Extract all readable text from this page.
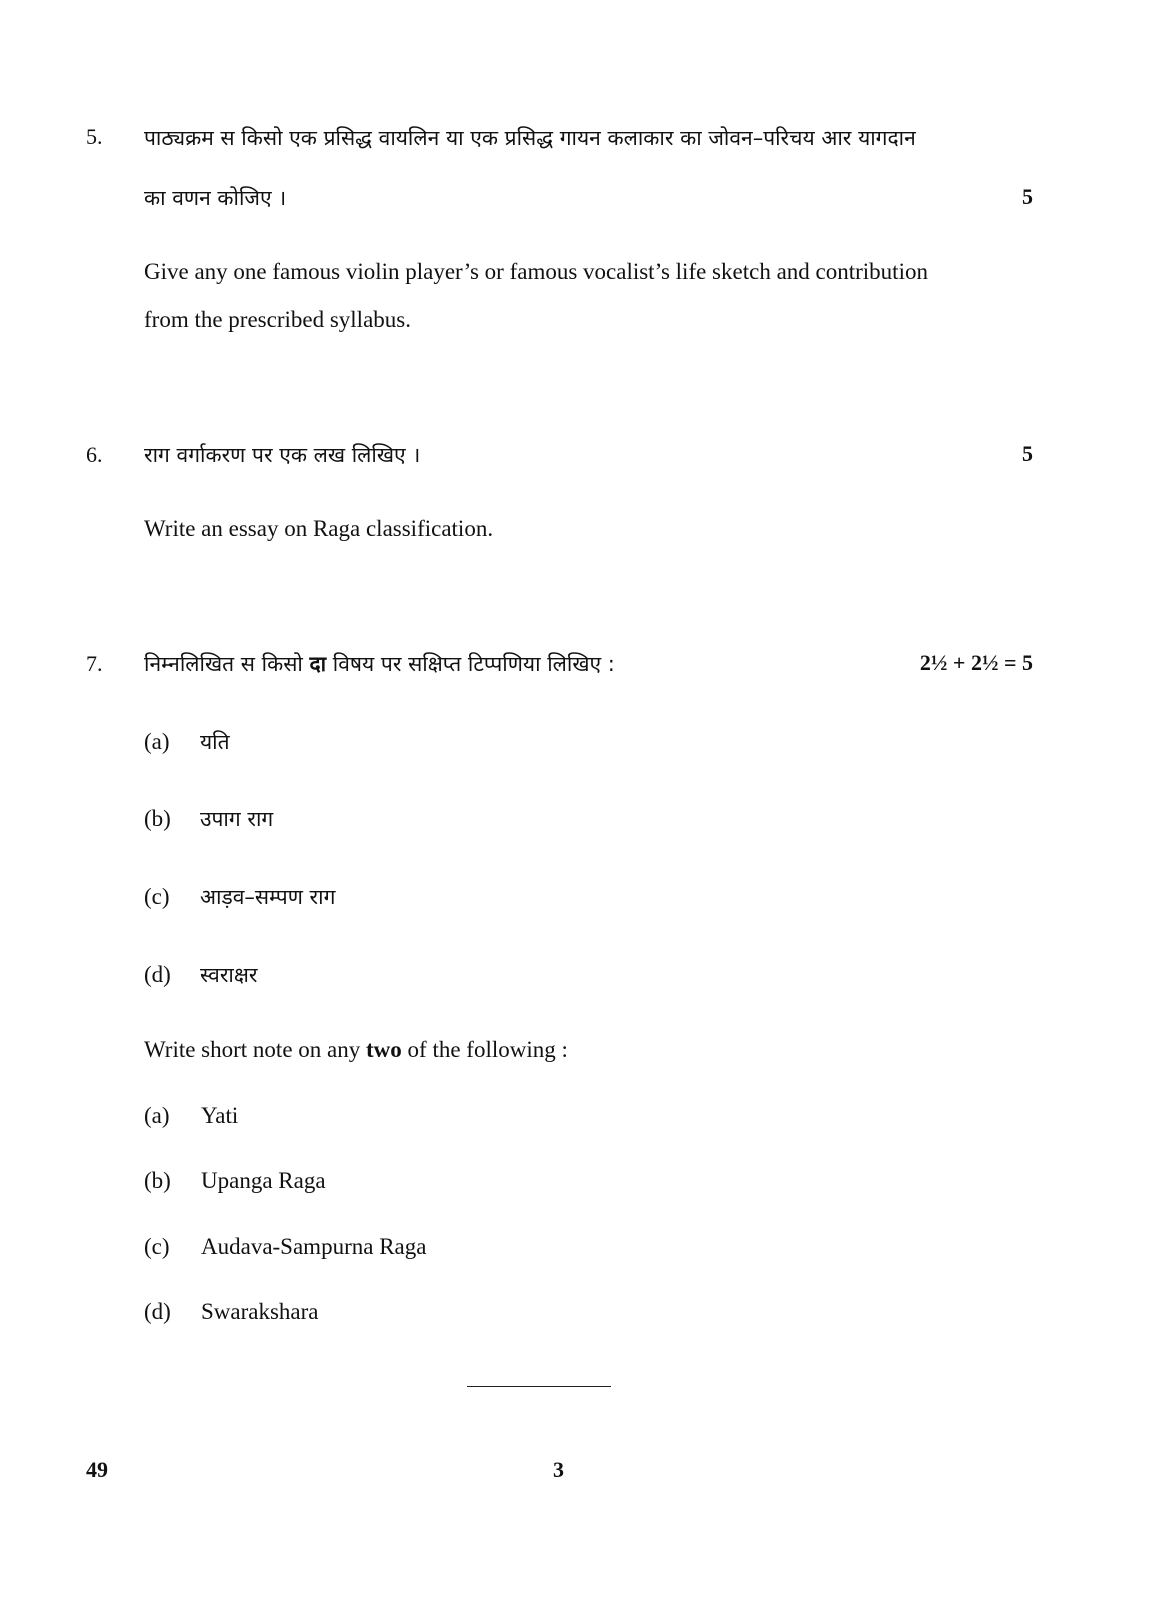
5. पाठ्यक्रम स किसो एक प्रसिद्ध वायलिन या एक प्रसिद्ध गायन कलाकार का जोवन–परिचय आर यागदान
का वणन कोजिए ।	5
Give any one famous violin player’s or famous vocalist’s life sketch and contribution
from the prescribed syllabus.
6. राग वर्गाकरण पर एक लख लिखिए ।	5
Write an essay on Raga classification.
7. निम्नलिखित स किसो दा विषय पर सक्षिप्त टिप्पणिया लिखिए :	2½ + 2½ = 5
(a) यति
(b) उपाग राग
(c) आड़व–सम्पण राग
(d) स्वराक्षर
Write short note on any two of the following :
(a) Yati
(b) Upanga Raga
(c) Audava-Sampurna Raga
(d) Swarakshara
49	3
